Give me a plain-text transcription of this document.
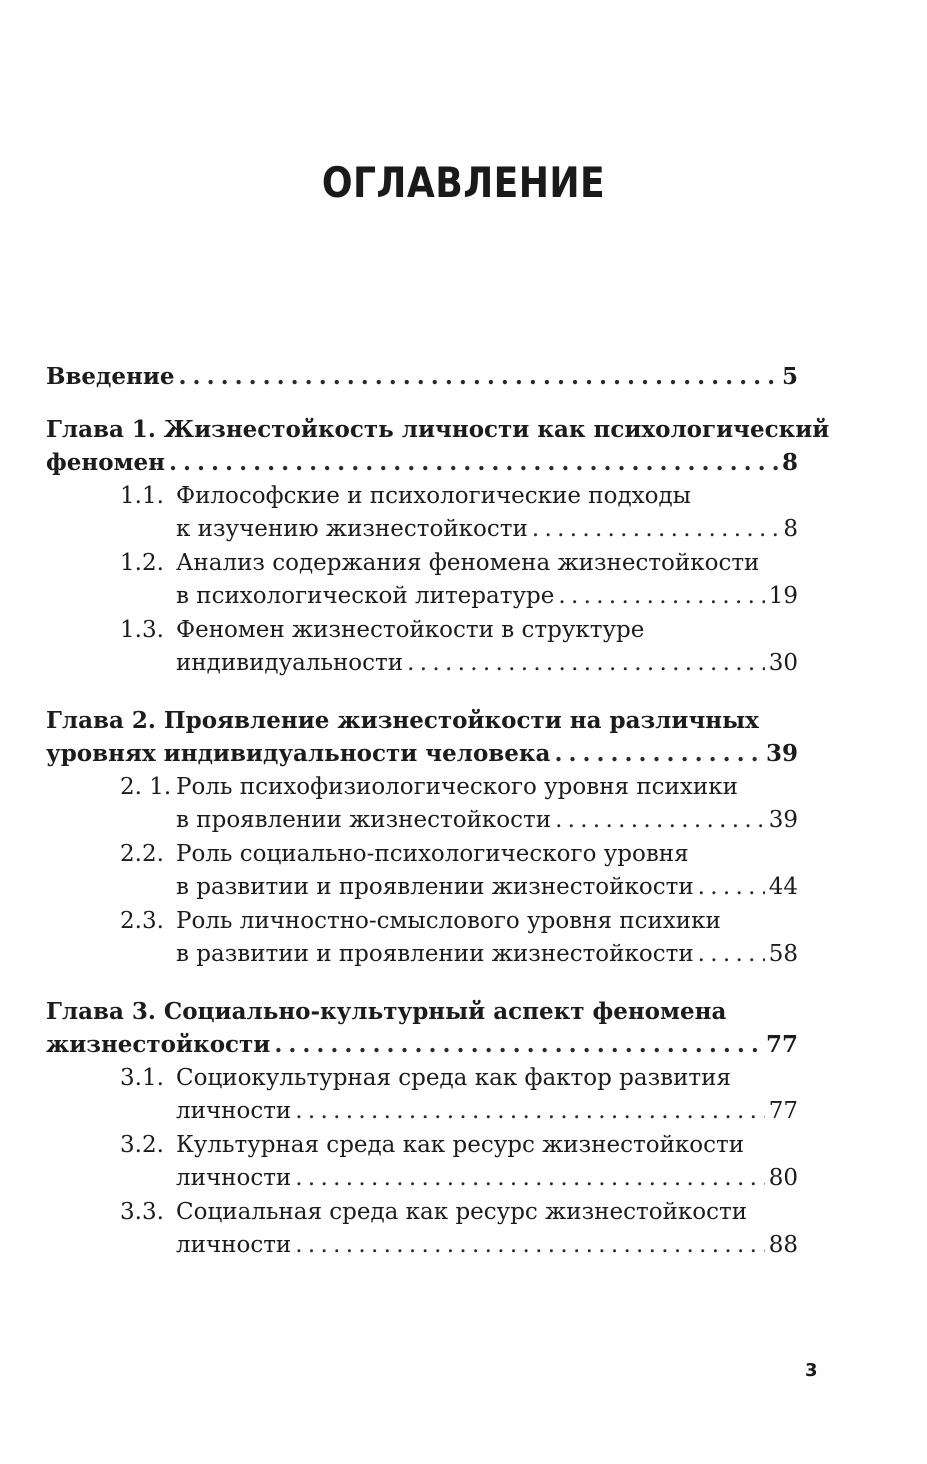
ОГЛАВЛЕНИЕ
Введение . . .	5
Глава 1. Жизнестойкость личности как психологический
феномен . . .	8
1.1. Философские и психологические подходы
к изучению жизнестойкости . . .	8
1.2. Анализ содержания феномена жизнестойкости
в психологической литературе . . .	19
1.3. Феномен жизнестойкости в структуре
индивидуальности . . .	30
Глава 2. Проявление жизнестойкости на различных
уровнях индивидуальности человека . . .	39
2. 1. Роль психофизиологического уровня психики
в проявлении жизнестойкости . . .	39
2.2. Роль социально-психологического уровня
в развитии и проявлении жизнестойкости . . .	44
2.3. Роль личностно-смыслового уровня психики
в развитии и проявлении жизнестойкости . . .	58
Глава 3. Социально-культурный аспект феномена
жизнестойкости . . .	77
3.1. Социокультурная среда как фактор развития
личности . . .	77
3.2. Культурная среда как ресурс жизнестойкости
личности . . .	80
3.3. Социальная среда как ресурс жизнестойкости
личности . . .	88
3
